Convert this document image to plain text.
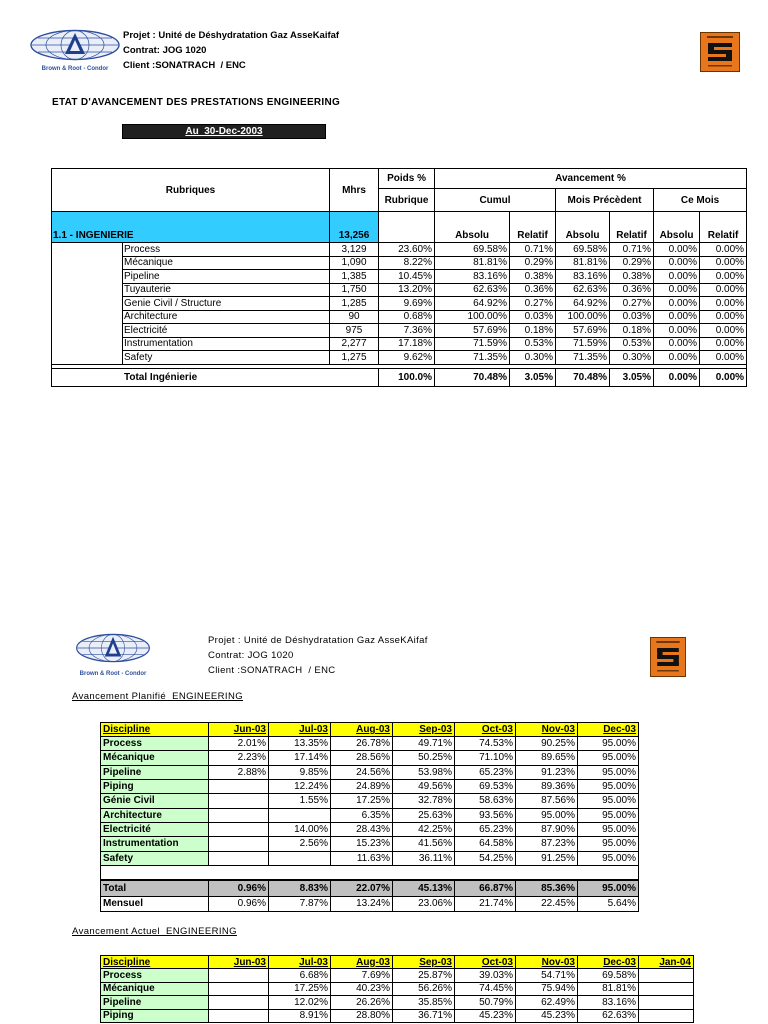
Brown & Root - Condor
Projet : Unité de Déshydratation Gaz AsseKaifaf
Contrat: JOG 1020
Client :SONATRACH  / ENC
ETAT D'AVANCEMENT DES PRESTATIONS ENGINEERING
Au  30-Dec-2003
Rubriques		Mhrs	Poids %	Avancement %					
			Rubrique	Cumul		Mois Précèdent		Ce Mois	
1.1 - INGENIERIE		13,256		Absolu	Relatif	Absolu	Relatif	Absolu	Relatif
	Process	3,129	23.60%	69.58%	0.71%	69.58%	0.71%	0.00%	0.00%
	Mécanique	1,090	8.22%	81.81%	0.29%	81.81%	0.29%	0.00%	0.00%
	Pipeline	1,385	10.45%	83.16%	0.38%	83.16%	0.38%	0.00%	0.00%
	Tuyauterie	1,750	13.20%	62.63%	0.36%	62.63%	0.36%	0.00%	0.00%
	Genie Civil / Structure	1,285	9.69%	64.92%	0.27%	64.92%	0.27%	0.00%	0.00%
	Architecture	90	0.68%	100.00%	0.03%	100.00%	0.03%	0.00%	0.00%
	Electricité	975	7.36%	57.69%	0.18%	57.69%	0.18%	0.00%	0.00%
	Instrumentation	2,277	17.18%	71.59%	0.53%	71.59%	0.53%	0.00%	0.00%
	Safety	1,275	9.62%	71.35%	0.30%	71.35%	0.30%	0.00%	0.00%

Total Ingénierie			100.0%	70.48%	3.05%	70.48%	3.05%	0.00%	0.00%
Brown & Root - Condor
Projet : Unité de Déshydratation Gaz AsseKAifaf
Contrat: JOG 1020
Client :SONATRACH  / ENC
Avancement Planifié  ENGINEERING
Discipline	Jun-03	Jul-03	Aug-03	Sep-03	Oct-03	Nov-03	Dec-03
Process	2.01%	13.35%	26.78%	49.71%	74.53%	90.25%	95.00%
Mécanique	2.23%	17.14%	28.56%	50.25%	71.10%	89.65%	95.00%
Pipeline	2.88%	9.85%	24.56%	53.98%	65.23%	91.23%	95.00%
Piping		12.24%	24.89%	49.56%	69.53%	89.36%	95.00%
Génie Civil		1.55%	17.25%	32.78%	58.63%	87.56%	95.00%
Architecture			6.35%	25.63%	93.56%	95.00%	95.00%
Electricité		14.00%	28.43%	42.25%	65.23%	87.90%	95.00%
Instrumentation		2.56%	15.23%	41.56%	64.58%	87.23%	95.00%
Safety			11.63%	36.11%	54.25%	91.25%	95.00%

Total	0.96%	8.83%	22.07%	45.13%	66.87%	85.36%	95.00%
Mensuel	0.96%	7.87%	13.24%	23.06%	21.74%	22.45%	5.64%
Avancement Actuel  ENGINEERING
Discipline	Jun-03	Jul-03	Aug-03	Sep-03	Oct-03	Nov-03	Dec-03	Jan-04
Process		6.68%	7.69%	25.87%	39.03%	54.71%	69.58%	
Mécanique		17.25%	40.23%	56.26%	74.45%	75.94%	81.81%	
Pipeline		12.02%	26.26%	35.85%	50.79%	62.49%	83.16%	
Piping		8.91%	28.80%	36.71%	45.23%	45.23%	62.63%	
